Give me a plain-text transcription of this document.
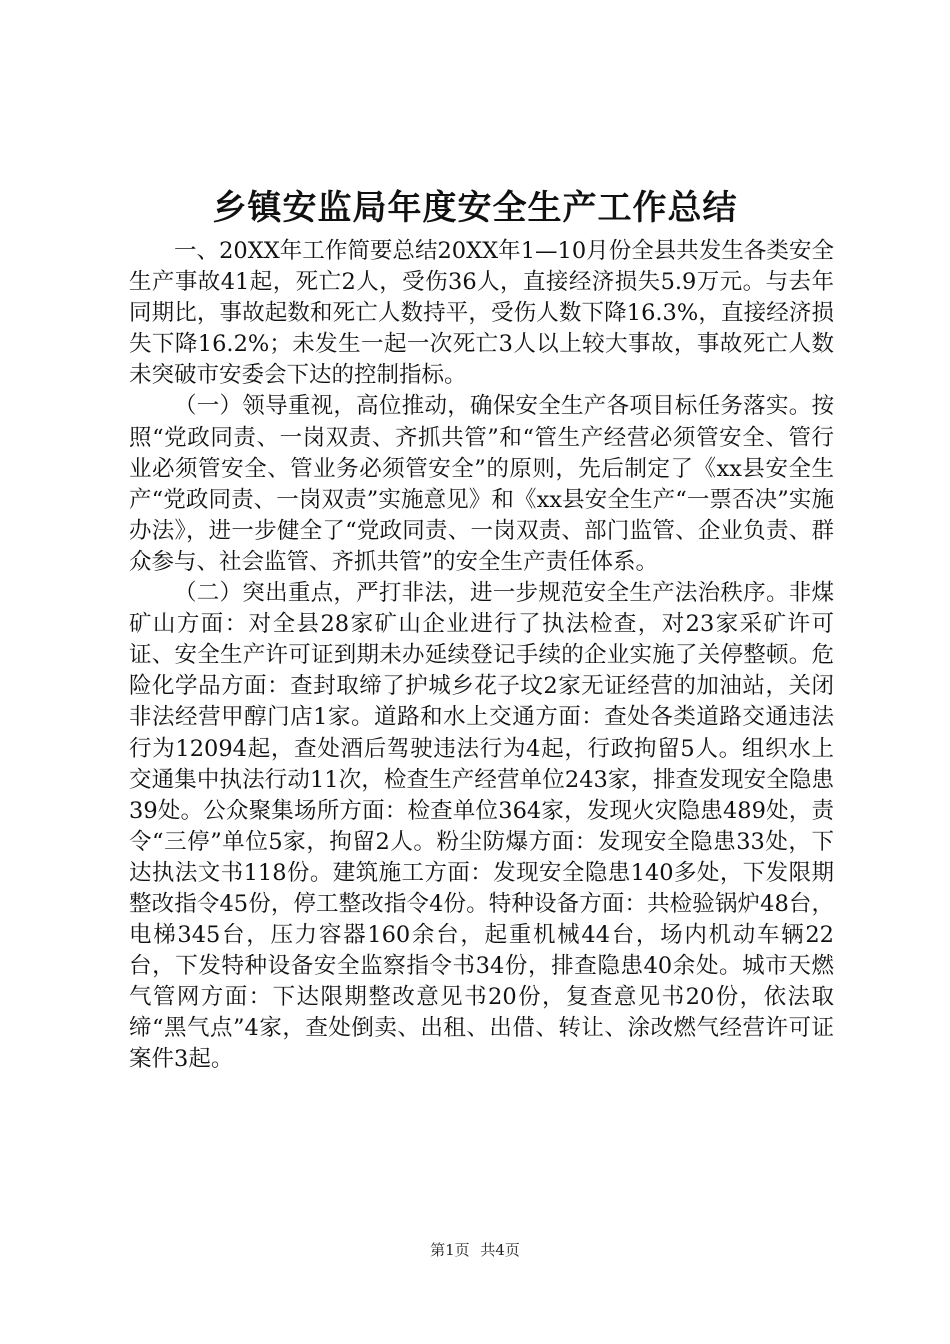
乡镇安监局年度安全生产工作总结

一、20XX年工作简要总结20XX年1—10月份全县共发生各类安全生产事故41起，死亡2人，受伤36人，直接经济损失5.9万元。与去年同期比，事故起数和死亡人数持平，受伤人数下降16.3%，直接经济损失下降16.2%；未发生一起一次死亡3人以上较大事故，事故死亡人数未突破市安委会下达的控制指标。

（一）领导重视，高位推动，确保安全生产各项目标任务落实。按照“党政同责、一岗双责、齐抓共管”和“管生产经营必须管安全、管行业必须管安全、管业务必须管安全”的原则，先后制定了《xx县安全生产“党政同责、一岗双责”实施意见》和《xx县安全生产“一票否决”实施办法》，进一步健全了“党政同责、一岗双责、部门监管、企业负责、群众参与、社会监管、齐抓共管”的安全生产责任体系。

（二）突出重点，严打非法，进一步规范安全生产法治秩序。非煤矿山方面：对全县28家矿山企业进行了执法检查，对23家采矿许可证、安全生产许可证到期未办延续登记手续的企业实施了关停整顿。危险化学品方面：查封取缔了护城乡花子坟2家无证经营的加油站，关闭非法经营甲醇门店1家。道路和水上交通方面：查处各类道路交通违法行为12094起，查处酒后驾驶违法行为4起，行政拘留5人。组织水上交通集中执法行动11次，检查生产经营单位243家，排查发现安全隐患39处。公众聚集场所方面：检查单位364家，发现火灾隐患489处，责令“三停”单位5家，拘留2人。粉尘防爆方面：发现安全隐患33处，下达执法文书118份。建筑施工方面：发现安全隐患140多处，下发限期整改指令45份，停工整改指令4份。特种设备方面：共检验锅炉48台，电梯345台，压力容器160余台，起重机械44台，场内机动车辆22台，下发特种设备安全监察指令书34份，排查隐患40余处。城市天燃气管网方面：下达限期整改意见书20份，复查意见书20份，依法取缔“黑气点”4家，查处倒卖、出租、出借、转让、涂改燃气经营许可证案件3起。

第1页 共4页
